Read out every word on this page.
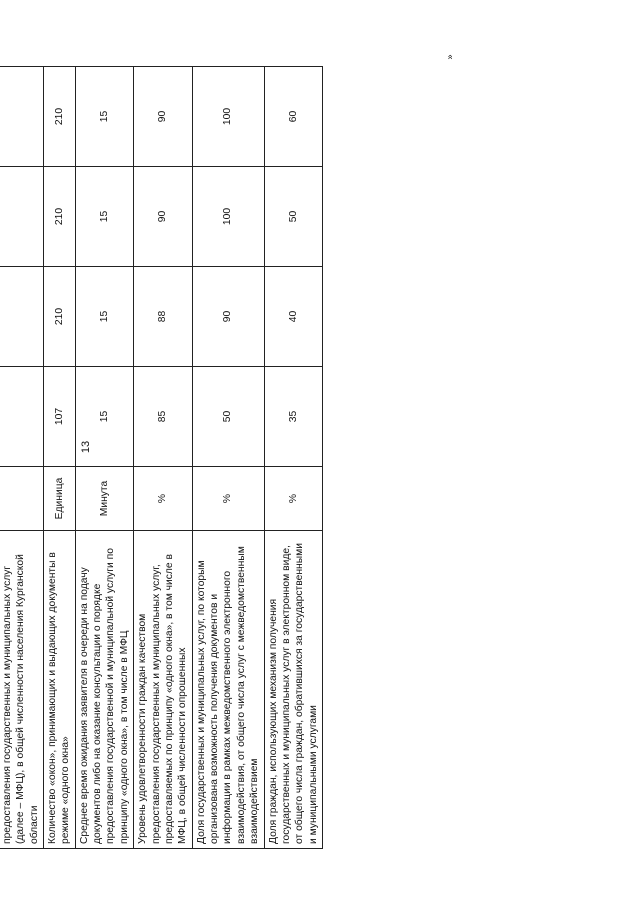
13
»

предоставления государственных и муниципальных услуг (далее – МФЦ), в общей численности населения Курганской области					
Количество «окон», принимающих и выдающих документы в режиме «одного окна»	Единица	107	210	210	210
Среднее время ожидания заявителя в очереди на подачу документов либо на оказание консультации о порядке предоставления государственной и муниципальной услуги по принципу «одного окна», в том числе в МФЦ	Минута	15	15	15	15
Уровень удовлетворенности граждан качеством предоставления государственных и муниципальных услуг, предоставляемых по принципу «одного окна», в том числе в МФЦ, в общей численности опрошенных	%	85	88	90	90
Доля государственных и муниципальных услуг, по которым организована возможность получения документов и информации в рамках межведомственного электронного взаимодействия, от общего числа услуг с межведомственным взаимодействием	%	50	90	100	100
Доля граждан, использующих механизм получения государственных и муниципальных услуг в электронном виде, от общего числа граждан, обратившихся за государственными и муниципальными услугами	%	35	40	50	60
